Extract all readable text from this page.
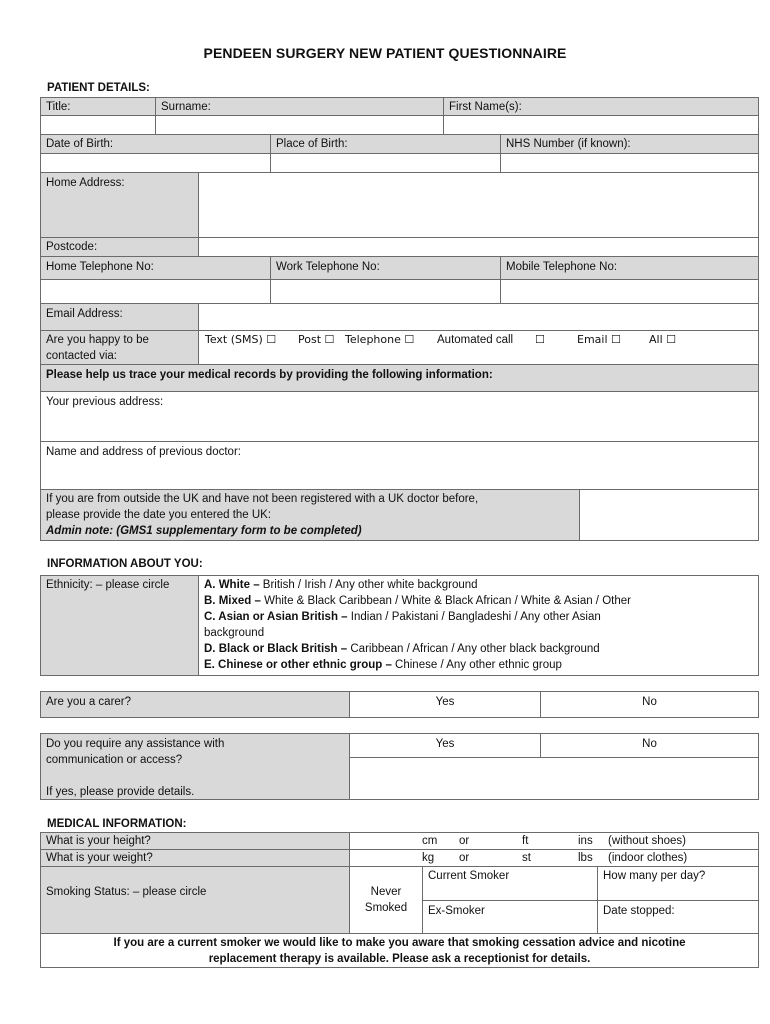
PENDEEN SURGERY NEW PATIENT QUESTIONNAIRE
PATIENT DETAILS:
Title:	Surname:	First Name(s):
Date of Birth:	Place of Birth:	NHS Number (if known):
Home Address:
Postcode:
Home Telephone No:	Work Telephone No:	Mobile Telephone No:
Email Address:
Are you happy to be
contacted via:
Text (SMS) ☐ Post ☐ Telephone ☐ Automated call ☐	Email ☐	All ☐
Please help us trace your medical records by providing the following information:
Your previous address:
Name and address of previous doctor:
If you are from outside the UK and have not been registered with a UK doctor before,
please provide the date you entered the UK:
Admin note: (GMS1 supplementary form to be completed)
INFORMATION ABOUT YOU:
Ethnicity: – please circle	A. White – British / Irish / Any other white background
B. Mixed – White & Black Caribbean / White & Black African / White & Asian / Other
C. Asian or Asian British – Indian / Pakistani / Bangladeshi / Any other Asian
background
D. Black or Black British – Caribbean / African / Any other black background
E. Chinese or other ethnic group – Chinese / Any other ethnic group
Are you a carer?	Yes	No
Do you require any assistance with
communication or access?
If yes, please provide details.
Yes	No
MEDICAL INFORMATION:
What is your height?	cm or	ft	ins (without shoes)
What is your weight?	kg or	st	lbs (indoor clothes)
Smoking Status: – please circle	Never
Smoked
Current Smoker	How many per day?
Ex-Smoker	Date stopped:
If you are a current smoker we would like to make you aware that smoking cessation advice and nicotine
replacement therapy is available. Please ask a receptionist for details.
